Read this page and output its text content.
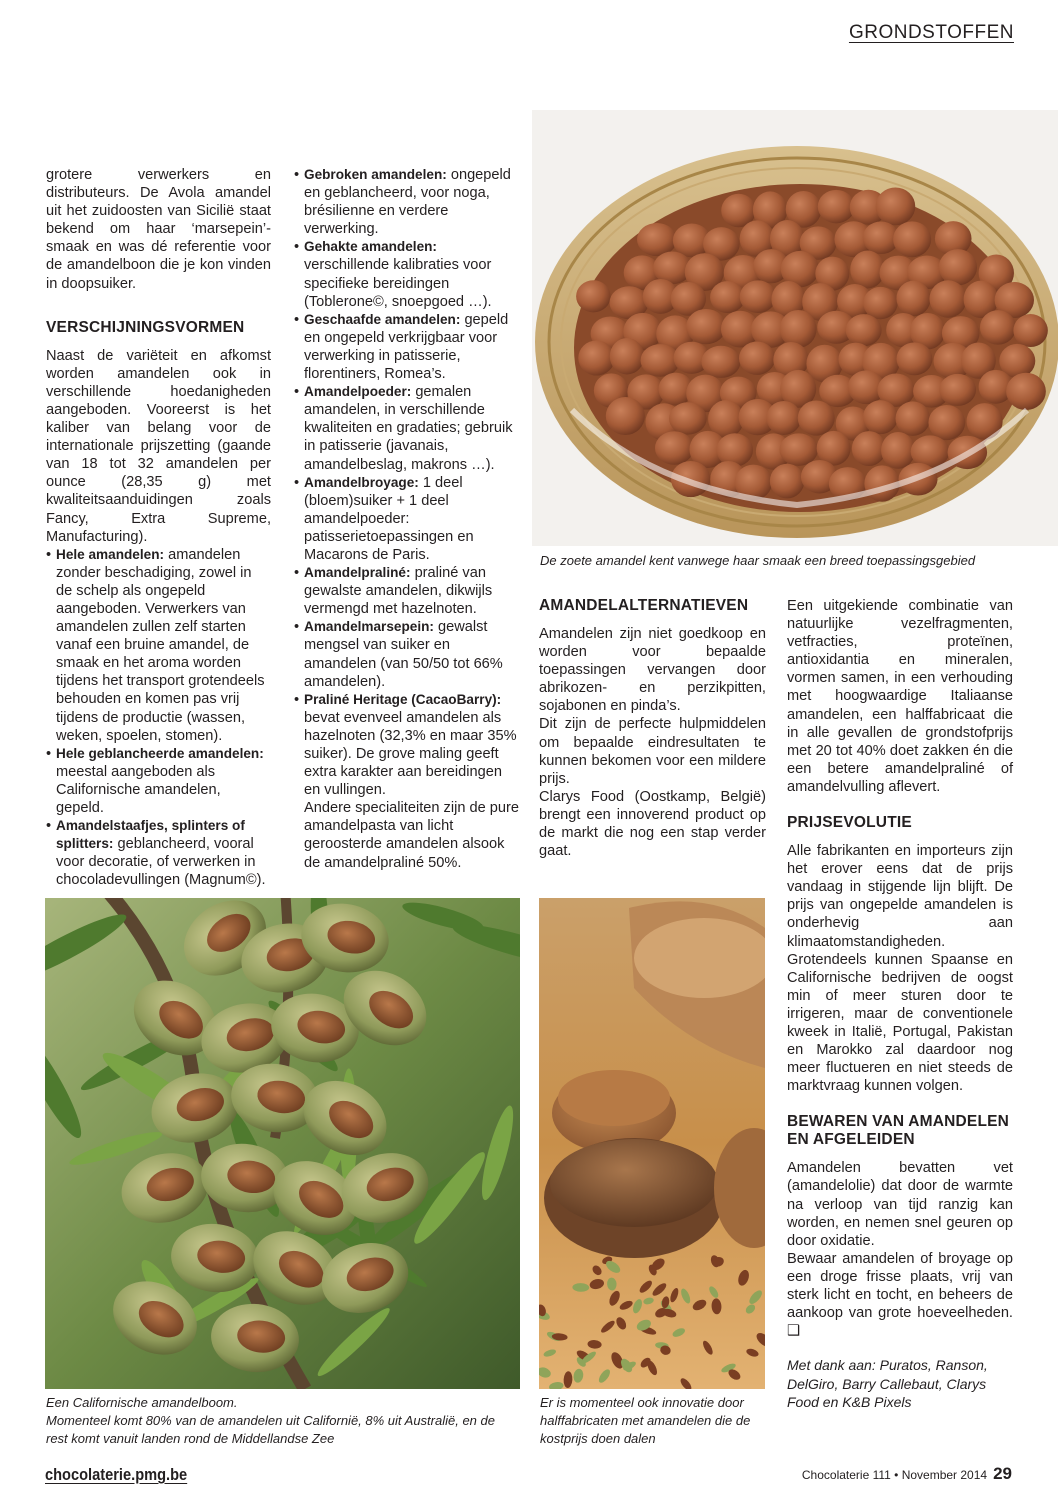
GRONDSTOFFEN

grotere verwerkers en distributeurs. De Avola amandel uit het zuidoosten van Sicilië staat bekend om haar ‘marsepein’-smaak en was dé referentie voor de amandelboon die je kon vinden in doopsuiker.

VERSCHIJNINGSVORMEN

Naast de variëteit en afkomst worden amandelen ook in verschillende hoedanigheden aangeboden. Vooreerst is het kaliber van belang voor de internationale prijszetting (gaande van 18 tot 32 amandelen per ounce (28,35 g) met kwaliteitsaanduidingen zoals Fancy, Extra Supreme, Manufacturing).

• Hele amandelen: amandelen zonder beschadiging, zowel in de schelp als ongepeld aangeboden. Verwerkers van amandelen zullen zelf starten vanaf een bruine amandel, de smaak en het aroma worden tijdens het transport grotendeels behouden en komen pas vrij tijdens de productie (wassen, weken, spoelen, stomen).

• Hele geblancheerde amandelen: meestal aangeboden als Californische amandelen, gepeld.

• Amandelstaafjes, splinters of splitters: geblancheerd, vooral voor decoratie, of verwerken in chocoladevullingen (Magnum©).

• Gebroken amandelen: ongepeld en geblancheerd, voor noga, brésilienne en verdere verwerking.

• Gehakte amandelen: verschillende kalibraties voor specifieke bereidingen (Toblerone©, snoepgoed …).

• Geschaafde amandelen: gepeld en ongepeld verkrijgbaar voor verwerking in patisserie, florentiners, Romea’s.

• Amandelpoeder: gemalen amandelen, in verschillende kwaliteiten en gradaties; gebruik in patisserie (javanais, amandelbeslag, makrons …).

• Amandelbroyage: 1 deel (bloem)suiker + 1 deel amandelpoeder: patisserietoepassingen en Macarons de Paris.

• Amandelpraliné: praliné van gewalste amandelen, dikwijls vermengd met hazelnoten.

• Amandelmarsepein: gewalst mengsel van suiker en amandelen (van 50/50 tot 66% amandelen).

• Praliné Heritage (CacaoBarry): bevat evenveel amandelen als hazelnoten (32,3% en maar 35% suiker). De grove maling geeft extra karakter aan bereidingen en vullingen.

Andere specialiteiten zijn de pure amandelpasta van licht geroosterde amandelen alsook de amandelpraliné 50%.

De zoete amandel kent vanwege haar smaak een breed toepassingsgebied
AMANDELALTERNATIEVEN

Amandelen zijn niet goedkoop en worden voor bepaalde toepassingen vervangen door abrikozen- en perzikpitten, sojabonen en pinda’s.

Dit zijn de perfecte hulpmiddelen om bepaalde eindresultaten te kunnen bekomen voor een mildere prijs.

Clarys Food (Oostkamp, België) brengt een innoverend product op de markt die nog een stap verder gaat.

Een uitgekiende combinatie van natuurlijke vezelfragmenten, vetfracties, proteïnen, antioxidantia en mineralen, vormen samen, in een verhouding met hoogwaardige Italiaanse amandelen, een halffabricaat die in alle gevallen de grondstofprijs met 20 tot 40% doet zakken én die een betere amandelpraliné of amandelvulling aflevert.

PRIJSEVOLUTIE

Alle fabrikanten en importeurs zijn het erover eens dat de prijs vandaag in stijgende lijn blijft. De prijs van ongepelde amandelen is onderhevig aan klimaatomstandigheden.

Grotendeels kunnen Spaanse en Californische bedrijven de oogst min of meer sturen door te irrigeren, maar de conventionele kweek in Italië, Portugal, Pakistan en Marokko zal daardoor nog meer fluctueren en niet steeds de marktvraag kunnen volgen.

BEWAREN VAN AMANDELEN EN AFGELEIDEN

Amandelen bevatten vet (amandelolie) dat door de warmte na verloop van tijd ranzig kan worden, en nemen snel geuren op door oxidatie.

Bewaar amandelen of broyage op een droge frisse plaats, vrij van sterk licht en tocht, en beheers de aankoop van grote hoeveelheden. ❑

Met dank aan: Puratos, Ranson, DelGiro, Barry Callebaut, Clarys Food en K&B Pixels

Een Californische amandelboom.
Momenteel komt 80% van de amandelen uit Californië, 8% uit Australië, en de rest komt vanuit landen rond de Middellandse Zee
Er is momenteel ook innovatie door halffabricaten met amandelen die de kostprijs doen dalen
chocolaterie.pmg.be	Chocolaterie 111 • November 2014 29
